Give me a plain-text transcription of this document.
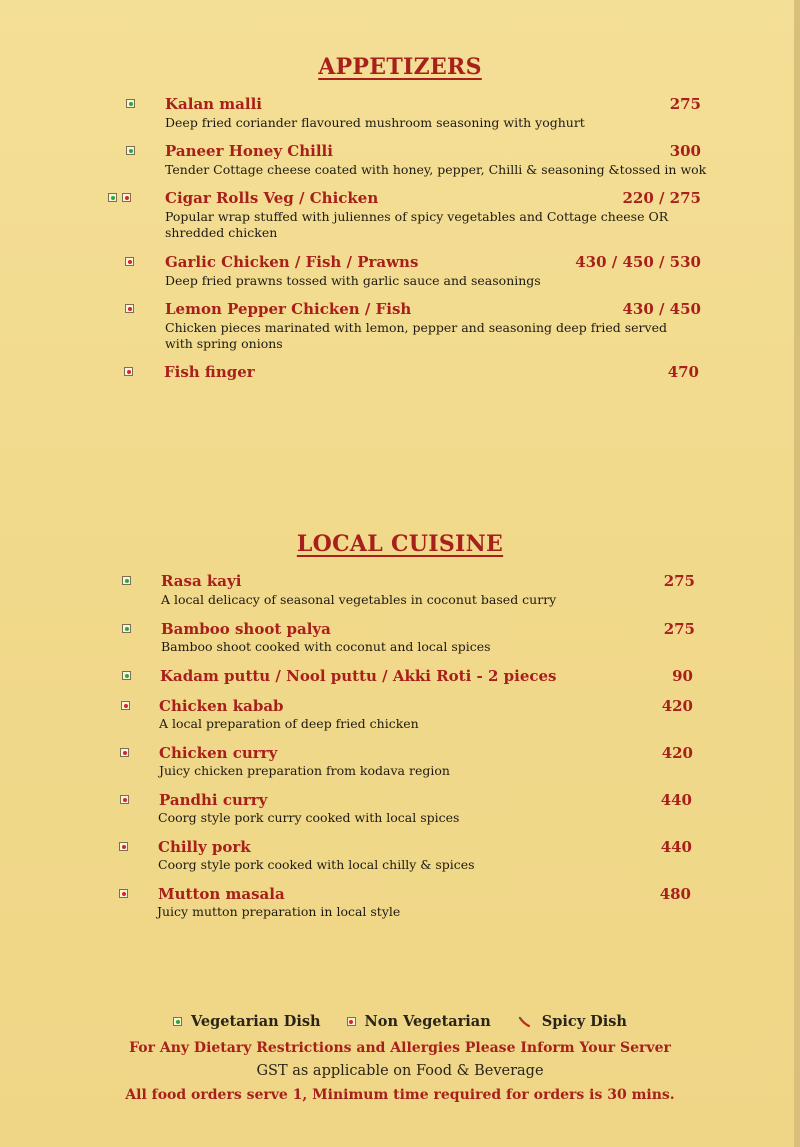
APPETIZERS
Kalan malli	275
Deep fried coriander flavoured mushroom seasoning with yoghurt
Paneer Honey Chilli	300
Tender Cottage cheese coated with honey, pepper, Chilli & seasoning &tossed in wok
Cigar Rolls Veg / Chicken	220 / 275
Popular wrap stuffed with juliennes of spicy vegetables and Cottage cheese OR shredded chicken
Garlic Chicken / Fish / Prawns	430 / 450 / 530
Deep fried prawns tossed with garlic sauce and seasonings
Lemon Pepper Chicken / Fish	430 / 450
Chicken pieces marinated with lemon, pepper and seasoning deep fried served with spring onions
Fish finger	470
LOCAL CUISINE
Rasa kayi	275
A local delicacy of seasonal vegetables in coconut based curry
Bamboo shoot palya	275
Bamboo shoot cooked with coconut and local spices
Kadam puttu / Nool puttu / Akki Roti - 2 pieces	90
Chicken kabab	420
A local preparation of deep fried chicken
Chicken curry	420
Juicy chicken preparation from kodava region
Pandhi curry	440
Coorg style pork curry cooked with local spices
Chilly pork	440
Coorg style pork cooked with local chilly & spices
Mutton masala	480
Juicy mutton preparation in local style
Vegetarian Dish	Non Vegetarian	Spicy Dish
For Any Dietary Restrictions and Allergies Please Inform Your Server
GST as applicable on Food & Beverage
All food orders serve 1, Minimum time required for orders is 30 mins.
